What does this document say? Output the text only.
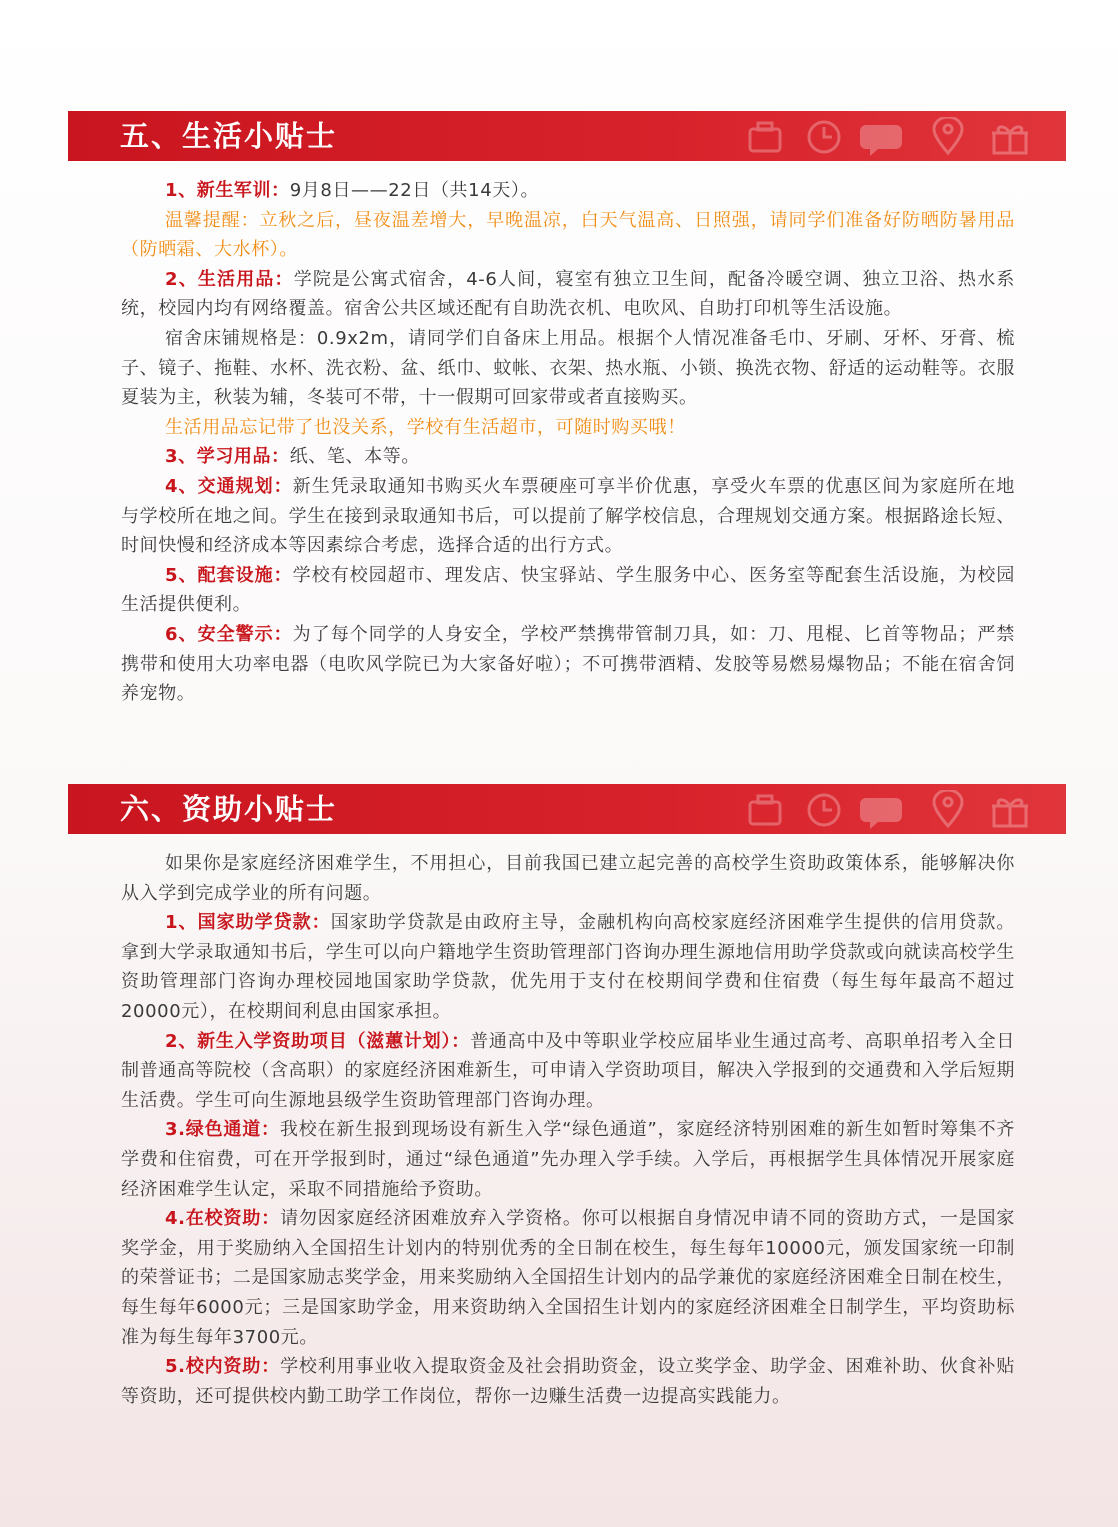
五、生活小贴士

1、新生军训：9月8日——22日（共14天）。

温馨提醒：立秋之后，昼夜温差增大，早晚温凉，白天气温高、日照强，请同学们准备好防晒防暑用品（防晒霜、大水杯）。

2、生活用品：学院是公寓式宿舍，4-6人间，寝室有独立卫生间，配备冷暖空调、独立卫浴、热水系统，校园内均有网络覆盖。宿舍公共区域还配有自助洗衣机、电吹风、自助打印机等生活设施。

宿舍床铺规格是：0.9x2m，请同学们自备床上用品。根据个人情况准备毛巾、牙刷、牙杯、牙膏、梳子、镜子、拖鞋、水杯、洗衣粉、盆、纸巾、蚊帐、衣架、热水瓶、小锁、换洗衣物、舒适的运动鞋等。衣服夏装为主，秋装为辅，冬装可不带，十一假期可回家带或者直接购买。

生活用品忘记带了也没关系，学校有生活超市，可随时购买哦！

3、学习用品：纸、笔、本等。

4、交通规划：新生凭录取通知书购买火车票硬座可享半价优惠，享受火车票的优惠区间为家庭所在地与学校所在地之间。学生在接到录取通知书后，可以提前了解学校信息，合理规划交通方案。根据路途长短、时间快慢和经济成本等因素综合考虑，选择合适的出行方式。

5、配套设施：学校有校园超市、理发店、快宝驿站、学生服务中心、医务室等配套生活设施，为校园生活提供便利。

6、安全警示：为了每个同学的人身安全，学校严禁携带管制刀具，如：刀、甩棍、匕首等物品；严禁携带和使用大功率电器（电吹风学院已为大家备好啦）；不可携带酒精、发胶等易燃易爆物品；不能在宿舍饲养宠物。

六、资助小贴士

如果你是家庭经济困难学生，不用担心，目前我国已建立起完善的高校学生资助政策体系，能够解决你从入学到完成学业的所有问题。

1、国家助学贷款：国家助学贷款是由政府主导，金融机构向高校家庭经济困难学生提供的信用贷款。拿到大学录取通知书后，学生可以向户籍地学生资助管理部门咨询办理生源地信用助学贷款或向就读高校学生资助管理部门咨询办理校园地国家助学贷款，优先用于支付在校期间学费和住宿费（每生每年最高不超过20000元），在校期间利息由国家承担。

2、新生入学资助项目（滋蕙计划）：普通高中及中等职业学校应届毕业生通过高考、高职单招考入全日制普通高等院校（含高职）的家庭经济困难新生，可申请入学资助项目，解决入学报到的交通费和入学后短期生活费。学生可向生源地县级学生资助管理部门咨询办理。

3.绿色通道：我校在新生报到现场设有新生入学“绿色通道”，家庭经济特别困难的新生如暂时筹集不齐学费和住宿费，可在开学报到时，通过“绿色通道”先办理入学手续。入学后，再根据学生具体情况开展家庭经济困难学生认定，采取不同措施给予资助。

4.在校资助：请勿因家庭经济困难放弃入学资格。你可以根据自身情况申请不同的资助方式，一是国家奖学金，用于奖励纳入全国招生计划内的特别优秀的全日制在校生，每生每年10000元，颁发国家统一印制的荣誉证书；二是国家励志奖学金，用来奖励纳入全国招生计划内的品学兼优的家庭经济困难全日制在校生，每生每年6000元；三是国家助学金，用来资助纳入全国招生计划内的家庭经济困难全日制学生，平均资助标准为每生每年3700元。

5.校内资助：学校利用事业收入提取资金及社会捐助资金，设立奖学金、助学金、困难补助、伙食补贴等资助，还可提供校内勤工助学工作岗位，帮你一边赚生活费一边提高实践能力。
